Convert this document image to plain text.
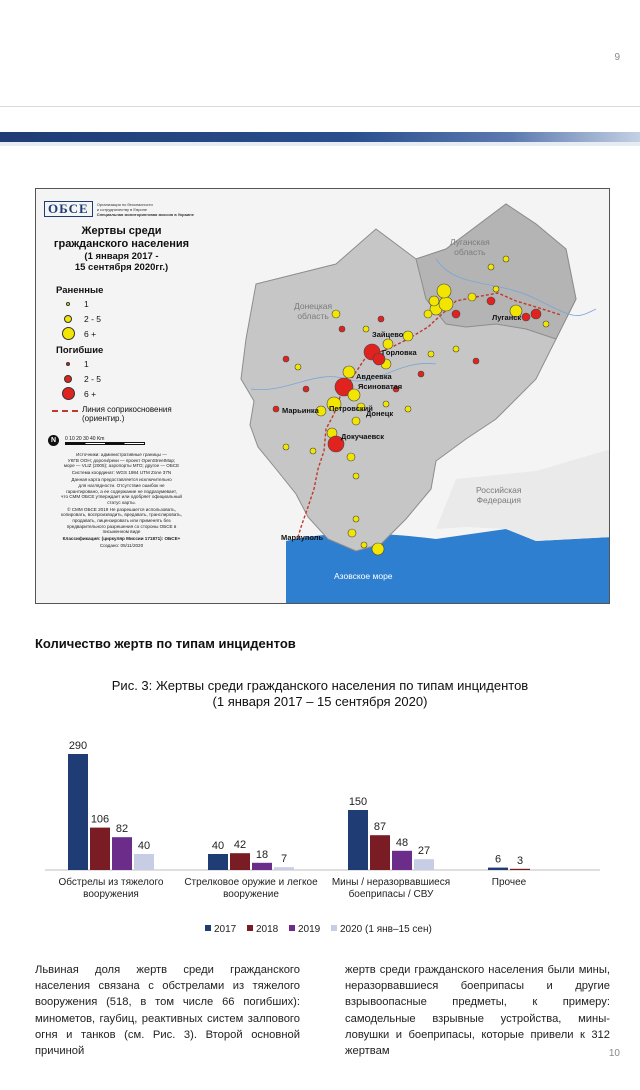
9
Луганская
область
Донецкая
область
Российская
Федерация
Азовское море
Зайцево
Горловка
Авдеевка
Ясиноватая
Марьинка Петровский
Донецк
Докучаевск
Мариуполь
Луганск
ОБСЕ Организация по безопасности
и сотрудничеству в Европе
Специальная мониторинговая миссия в Украине
Жертвы среди гражданского населения
(1 января 2017 -
15 сентября 2020гг.)
Раненные
1
2 - 5
6 +
Погибшие
1
2 - 5
6 +
Линия соприкосновения
(ориентир.)
N	0 10 20 30 40 Km

Источники: административные границы —
УКГВ ООН; дороги/реки — проект OpenStreetMap;
море — VLIZ (2005); аэропорты МГО; другое — ОБСЕ

Система координат: WGS 1984 UTM Zone 37N

Данная карта предоставляется исключительно
для наглядности. Отсутствие ошибок не
гарантировано, а ее содержание не подразумевает,
что СММ ОБСЕ утверждает или одобряет официальный
статус карты.

© СММ ОБСЕ 2019 Не разрешается использовать,
копировать, воспроизводить, вредавать, транслировать,
продавать, лицензировать или применять без
предварительного разрешения со стороны ОБСЕ в
письменном виде

Классификация: (циркуляр Миссии 171871): ОБСЕ+

Создано: 05/11/2020

Количество жертв по типам инцидентов
Рис. 3: Жертвы среди гражданского населения по типам инцидентов
(1 января 2017 – 15 сентября 2020)
290
106
82
40
Обстрелы из тяжелого
вооружения
40 42
18 7
Стрелковое оружие и легкое
вооружение
150
87
48
27
Мины / неразорвавшиеся
боеприпасы / СВУ
6 3
Прочее
2017 2018 2019 2020 (1 янв–15 сен)
Львиная доля жертв среди гражданского населения связана с обстрелами из тяжелого вооружения (518, в том числе 66 погибших): минометов, гаубиц, реактивных систем залпового огня и танков (см. Рис. 3). Второй основной причиной
жертв среди гражданского населения были мины, неразорвавшиеся боеприпасы и другие взрывоопасные предметы, к примеру: самодельные взрывные устройства, мины-ловушки и боеприпасы, которые привели к 312 жертвам	10
